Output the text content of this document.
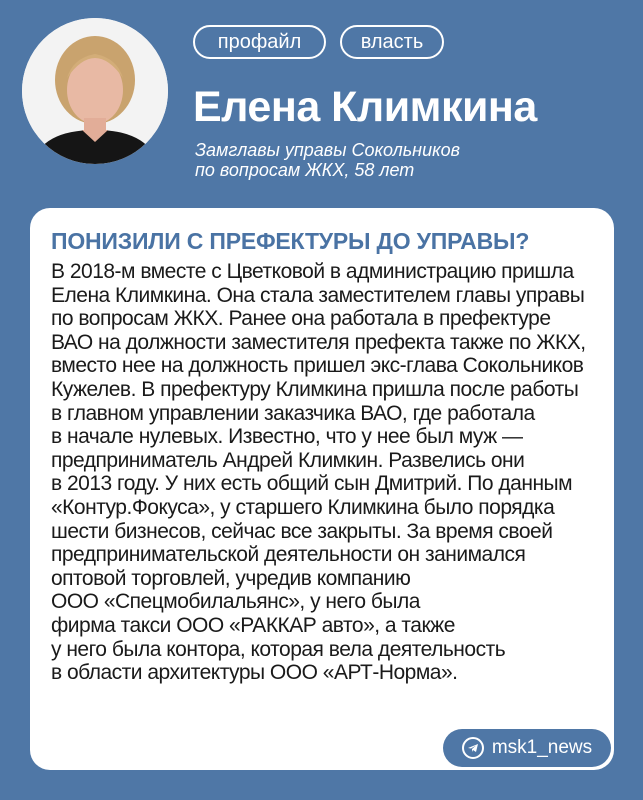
профайл	власть
Елена Климкина
Замглавы управы Сокольников
по вопросам ЖКХ, 58 лет
ПОНИЗИЛИ С ПРЕФЕКТУРЫ ДО УПРАВЫ?
В 2018-м вместе с Цветковой в администрацию пришла
Елена Климкина. Она стала заместителем главы управы
по вопросам ЖКХ. Ранее она работала в префектуре
ВАО на должности заместителя префекта также по ЖКХ,
вместо нее на должность пришел экс-глава Сокольников
Кужелев. В префектуру Климкина пришла после работы
в главном управлении заказчика ВАО, где работала
в начале нулевых. Известно, что у нее был муж —
предприниматель Андрей Климкин. Развелись они
в 2013 году. У них есть общий сын Дмитрий. По данным
«Контур.Фокуса», у старшего Климкина было порядка
шести бизнесов, сейчас все закрыты. За время своей
предпринимательской деятельности он занимался
оптовой торговлей, учредив компанию
ООО «Спецмобилальянс», у него была
фирма такси ООО «РАККАР авто», а также
у него была контора, которая вела деятельность
в области архитектуры ООО «АРТ-Норма».
msk1_news
